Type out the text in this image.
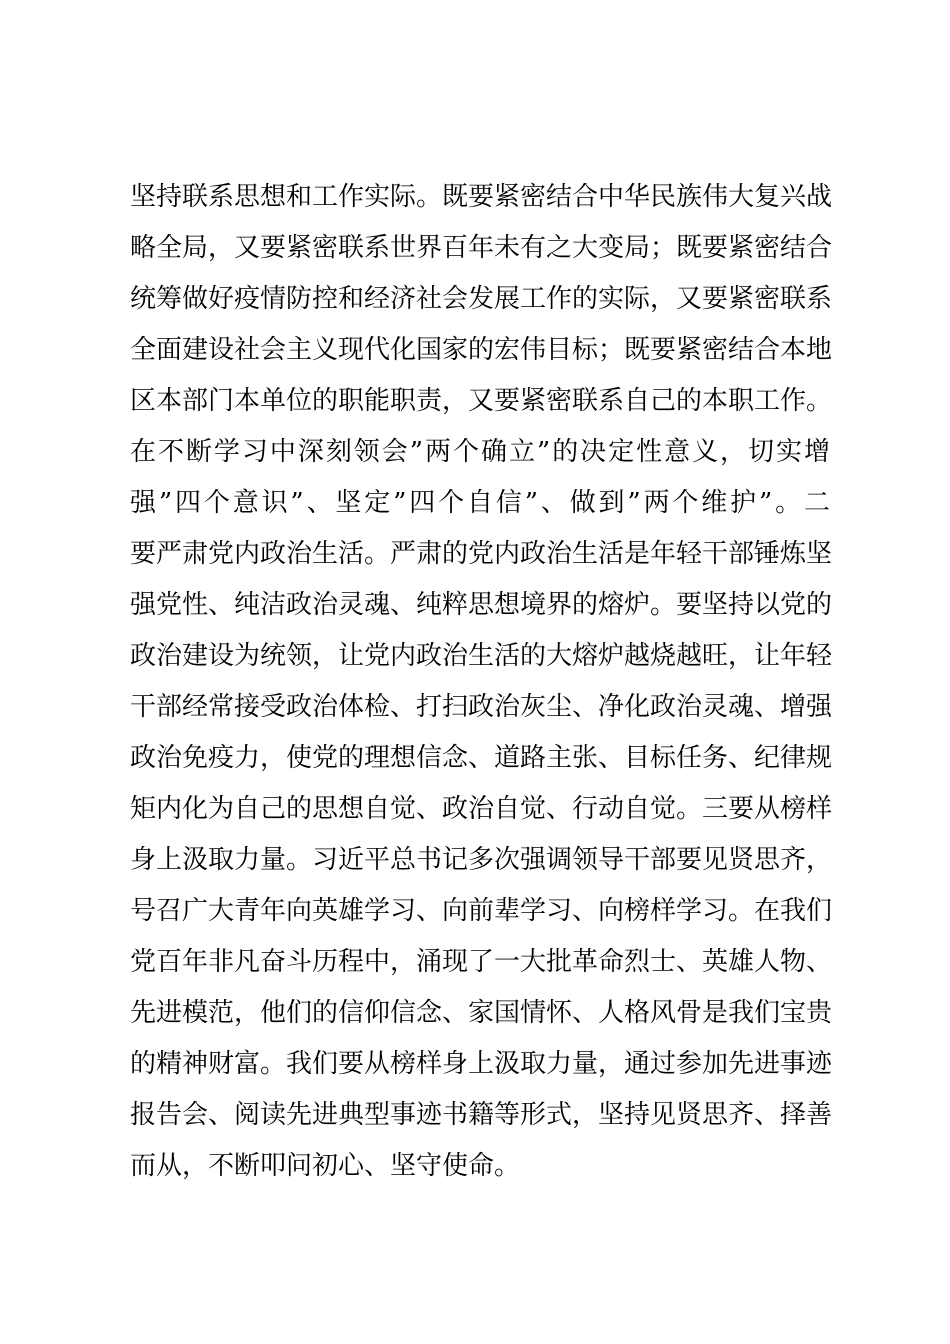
坚持联系思想和工作实际。既要紧密结合中华民族伟大复兴战
略全局，又要紧密联系世界百年未有之大变局；既要紧密结合
统筹做好疫情防控和经济社会发展工作的实际，又要紧密联系
全面建设社会主义现代化国家的宏伟目标；既要紧密结合本地
区本部门本单位的职能职责，又要紧密联系自己的本职工作。
在不断学习中深刻领会”两个确立”的决定性意义，切实增
强”四个意识”、坚定”四个自信”、做到”两个维护”。二
要严肃党内政治生活。严肃的党内政治生活是年轻干部锤炼坚
强党性、纯洁政治灵魂、纯粹思想境界的熔炉。要坚持以党的
政治建设为统领，让党内政治生活的大熔炉越烧越旺，让年轻
干部经常接受政治体检、打扫政治灰尘、净化政治灵魂、增强
政治免疫力，使党的理想信念、道路主张、目标任务、纪律规
矩内化为自己的思想自觉、政治自觉、行动自觉。三要从榜样
身上汲取力量。习近平总书记多次强调领导干部要见贤思齐，
号召广大青年向英雄学习、向前辈学习、向榜样学习。在我们
党百年非凡奋斗历程中，涌现了一大批革命烈士、英雄人物、
先进模范，他们的信仰信念、家国情怀、人格风骨是我们宝贵
的精神财富。我们要从榜样身上汲取力量，通过参加先进事迹
报告会、阅读先进典型事迹书籍等形式，坚持见贤思齐、择善
而从，不断叩问初心、坚守使命。
